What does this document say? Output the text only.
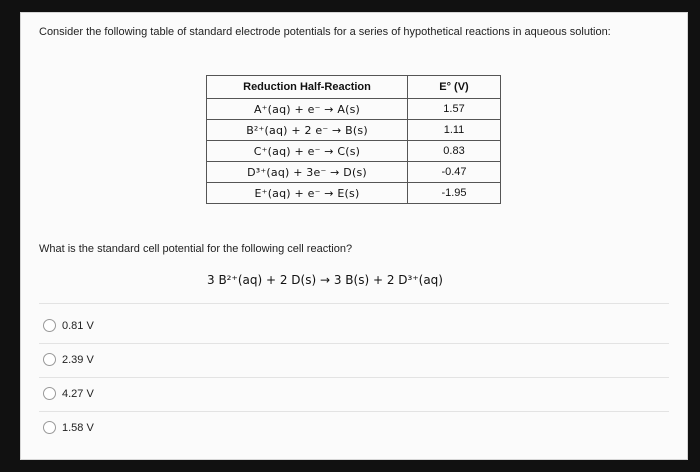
Consider the following table of standard electrode potentials for a series of hypothetical reactions in aqueous solution:
Reduction Half-Reaction	E° (V)
A⁺(aq) + e⁻ → A(s)	1.57
B²⁺(aq) + 2 e⁻ → B(s)	1.11
C⁺(aq) + e⁻ → C(s)	0.83
D³⁺(aq) + 3e⁻ → D(s)	-0.47
E⁺(aq) + e⁻ → E(s)	-1.95
What is the standard cell potential for the following cell reaction?
3 B²⁺(aq) + 2 D(s) → 3 B(s) + 2 D³⁺(aq)
0.81 V
2.39 V
4.27 V
1.58 V
